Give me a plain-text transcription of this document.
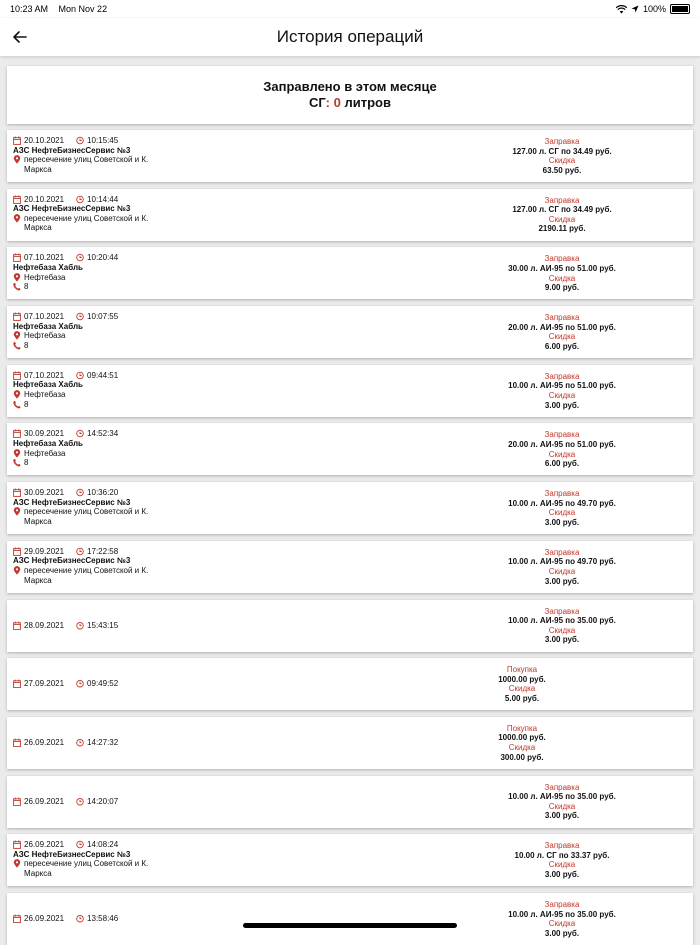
10:23 AM Mon Nov 22	100%
История операций
Заправлено в этом месяце
СГ: 0 литров
20.10.2021	10:15:45
АЗС НефтеБизнесСервис №3
пересечение улиц Советской и К. Маркса
Заправка
127.00 л. СГ по 34.49 руб.
Скидка
63.50 руб.
20.10.2021	10:14:44
АЗС НефтеБизнесСервис №3
пересечение улиц Советской и К. Маркса
Заправка
127.00 л. СГ по 34.49 руб.
Скидка
2190.11 руб.
07.10.2021	10:20:44
Нефтебаза Хабль
Нефтебаза
8
Заправка
30.00 л. АИ-95 по 51.00 руб.
Скидка
9.00 руб.
07.10.2021	10:07:55
Нефтебаза Хабль
Нефтебаза
8
Заправка
20.00 л. АИ-95 по 51.00 руб.
Скидка
6.00 руб.
07.10.2021	09:44:51
Нефтебаза Хабль
Нефтебаза
8
Заправка
10.00 л. АИ-95 по 51.00 руб.
Скидка
3.00 руб.
30.09.2021	14:52:34
Нефтебаза Хабль
Нефтебаза
8
Заправка
20.00 л. АИ-95 по 51.00 руб.
Скидка
6.00 руб.
30.09.2021	10:36:20
АЗС НефтеБизнесСервис №3
пересечение улиц Советской и К. Маркса
Заправка
10.00 л. АИ-95 по 49.70 руб.
Скидка
3.00 руб.
29.09.2021	17:22:58
АЗС НефтеБизнесСервис №3
пересечение улиц Советской и К. Маркса
Заправка
10.00 л. АИ-95 по 49.70 руб.
Скидка
3.00 руб.
28.09.2021	15:43:15
Заправка
10.00 л. АИ-95 по 35.00 руб.
Скидка
3.00 руб.
27.09.2021	09:49:52
Покупка
1000.00 руб.
Скидка
5.00 руб.
26.09.2021	14:27:32
Покупка
1000.00 руб.
Скидка
300.00 руб.
26.09.2021	14:20:07
Заправка
10.00 л. АИ-95 по 35.00 руб.
Скидка
3.00 руб.
26.09.2021	14:08:24
АЗС НефтеБизнесСервис №3
пересечение улиц Советской и К. Маркса
Заправка
10.00 л. СГ по 33.37 руб.
Скидка
3.00 руб.
26.09.2021	13:58:46
Заправка
10.00 л. АИ-95 по 35.00 руб.
Скидка
3.00 руб.
